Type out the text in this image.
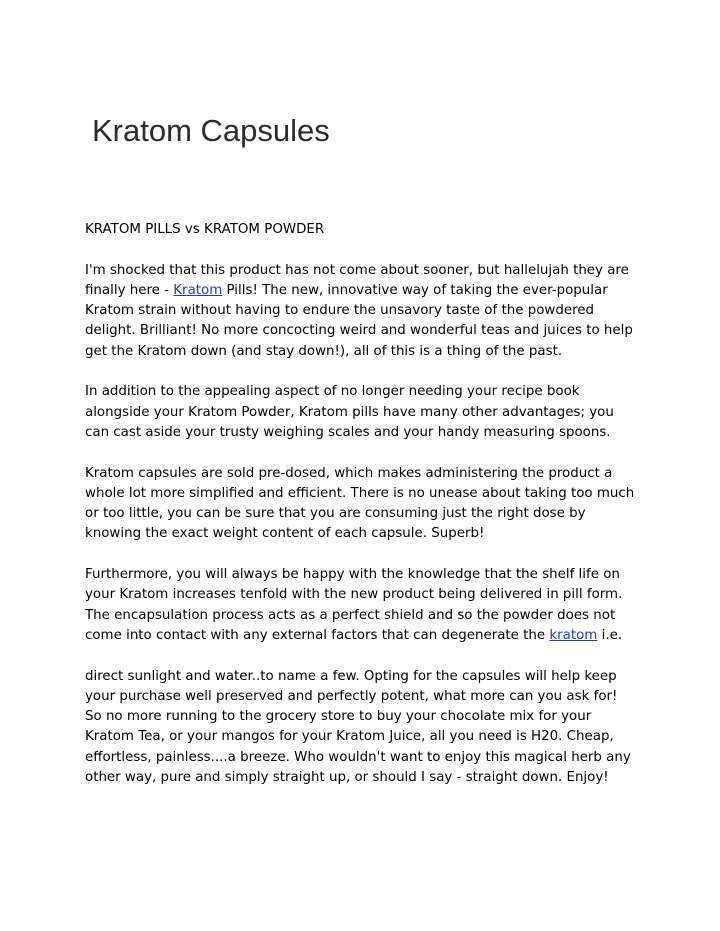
Kratom Capsules
KRATOM PILLS vs KRATOM POWDER
I'm shocked that this product has not come about sooner, but hallelujah they are
finally here - Kratom Pills! The new, innovative way of taking the ever-popular
Kratom strain without having to endure the unsavory taste of the powdered
delight. Brilliant! No more concocting weird and wonderful teas and juices to help
get the Kratom down (and stay down!), all of this is a thing of the past.
In addition to the appealing aspect of no longer needing your recipe book
alongside your Kratom Powder, Kratom pills have many other advantages; you
can cast aside your trusty weighing scales and your handy measuring spoons.
Kratom capsules are sold pre-dosed, which makes administering the product a
whole lot more simplified and efficient. There is no unease about taking too much
or too little, you can be sure that you are consuming just the right dose by
knowing the exact weight content of each capsule. Superb!
Furthermore, you will always be happy with the knowledge that the shelf life on
your Kratom increases tenfold with the new product being delivered in pill form.
The encapsulation process acts as a perfect shield and so the powder does not
come into contact with any external factors that can degenerate the kratom i.e.
direct sunlight and water..to name a few. Opting for the capsules will help keep
your purchase well preserved and perfectly potent, what more can you ask for!
So no more running to the grocery store to buy your chocolate mix for your
Kratom Tea, or your mangos for your Kratom Juice, all you need is H20. Cheap,
effortless, painless....a breeze. Who wouldn't want to enjoy this magical herb any
other way, pure and simply straight up, or should I say - straight down. Enjoy!
